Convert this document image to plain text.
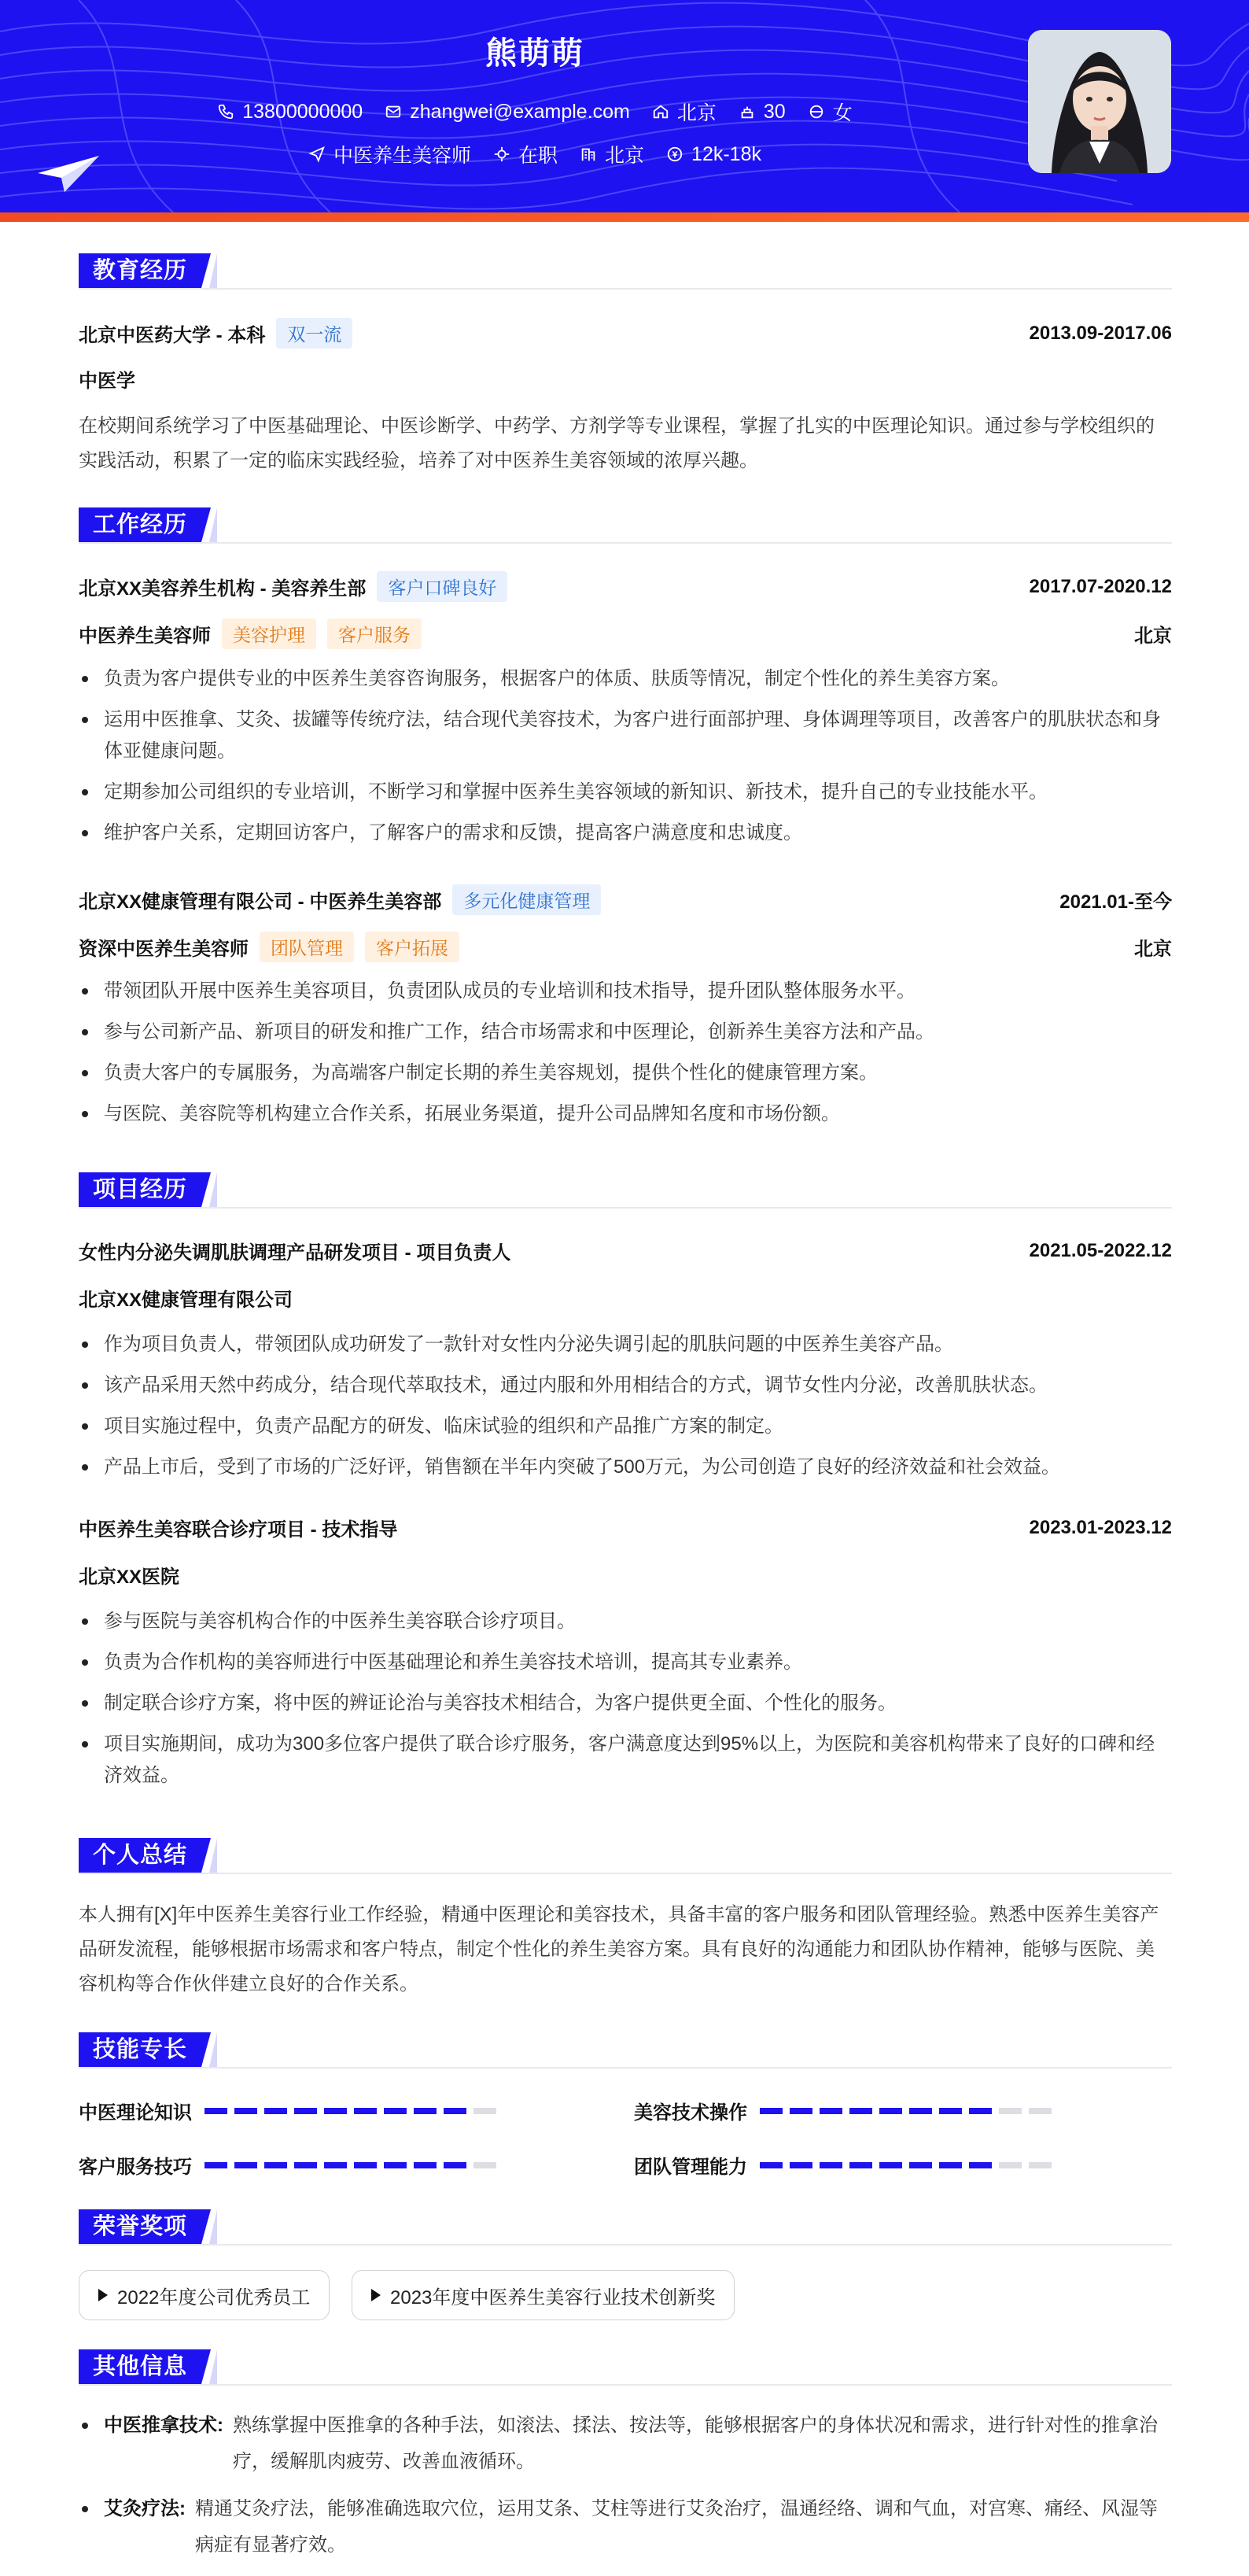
熊萌萌
13800000000 zhangwei@example.com 北京 30 女
中医养生美容师 在职 北京 12k-18k
教育经历
北京中医药大学 - 本科	双一流	2013.09-2017.06
中医学
在校期间系统学习了中医基础理论、中医诊断学、中药学、方剂学等专业课程，掌握了扎实的中医理论知识。通过参与学校组织的实践活动，积累了一定的临床实践经验，培养了对中医养生美容领域的浓厚兴趣。
工作经历
北京XX美容养生机构 - 美容养生部	客户口碑良好	2017.07-2020.12
中医养生美容师	美容护理	客户服务	北京
负责为客户提供专业的中医养生美容咨询服务，根据客户的体质、肤质等情况，制定个性化的养生美容方案。
运用中医推拿、艾灸、拔罐等传统疗法，结合现代美容技术，为客户进行面部护理、身体调理等项目，改善客户的肌肤状态和身体亚健康问题。
定期参加公司组织的专业培训，不断学习和掌握中医养生美容领域的新知识、新技术，提升自己的专业技能水平。
维护客户关系，定期回访客户，了解客户的需求和反馈，提高客户满意度和忠诚度。
北京XX健康管理有限公司 - 中医养生美容部	多元化健康管理	2021.01-至今
资深中医养生美容师	团队管理	客户拓展	北京
带领团队开展中医养生美容项目，负责团队成员的专业培训和技术指导，提升团队整体服务水平。
参与公司新产品、新项目的研发和推广工作，结合市场需求和中医理论，创新养生美容方法和产品。
负责大客户的专属服务，为高端客户制定长期的养生美容规划，提供个性化的健康管理方案。
与医院、美容院等机构建立合作关系，拓展业务渠道，提升公司品牌知名度和市场份额。
项目经历
女性内分泌失调肌肤调理产品研发项目 - 项目负责人	2021.05-2022.12
北京XX健康管理有限公司
作为项目负责人，带领团队成功研发了一款针对女性内分泌失调引起的肌肤问题的中医养生美容产品。
该产品采用天然中药成分，结合现代萃取技术，通过内服和外用相结合的方式，调节女性内分泌，改善肌肤状态。
项目实施过程中，负责产品配方的研发、临床试验的组织和产品推广方案的制定。
产品上市后，受到了市场的广泛好评，销售额在半年内突破了500万元，为公司创造了良好的经济效益和社会效益。
中医养生美容联合诊疗项目 - 技术指导	2023.01-2023.12
北京XX医院
参与医院与美容机构合作的中医养生美容联合诊疗项目。
负责为合作机构的美容师进行中医基础理论和养生美容技术培训，提高其专业素养。
制定联合诊疗方案，将中医的辨证论治与美容技术相结合，为客户提供更全面、个性化的服务。
项目实施期间，成功为300多位客户提供了联合诊疗服务，客户满意度达到95%以上，为医院和美容机构带来了良好的口碑和经济效益。
个人总结
本人拥有[X]年中医养生美容行业工作经验，精通中医理论和美容技术，具备丰富的客户服务和团队管理经验。熟悉中医养生美容产品研发流程，能够根据市场需求和客户特点，制定个性化的养生美容方案。具有良好的沟通能力和团队协作精神，能够与医院、美容机构等合作伙伴建立良好的合作关系。
技能专长
中医理论知识	美容技术操作
客户服务技巧	团队管理能力
荣誉奖项
2022年度公司优秀员工	2023年度中医养生美容行业技术创新奖
其他信息
中医推拿技术: 熟练掌握中医推拿的各种手法，如滚法、揉法、按法等，能够根据客户的身体状况和需求，进行针对性的推拿治疗，缓解肌肉疲劳、改善血液循环。
艾灸疗法: 精通艾灸疗法，能够准确选取穴位，运用艾条、艾柱等进行艾灸治疗，温通经络、调和气血，对宫寒、痛经、风湿等病症有显著疗效。
